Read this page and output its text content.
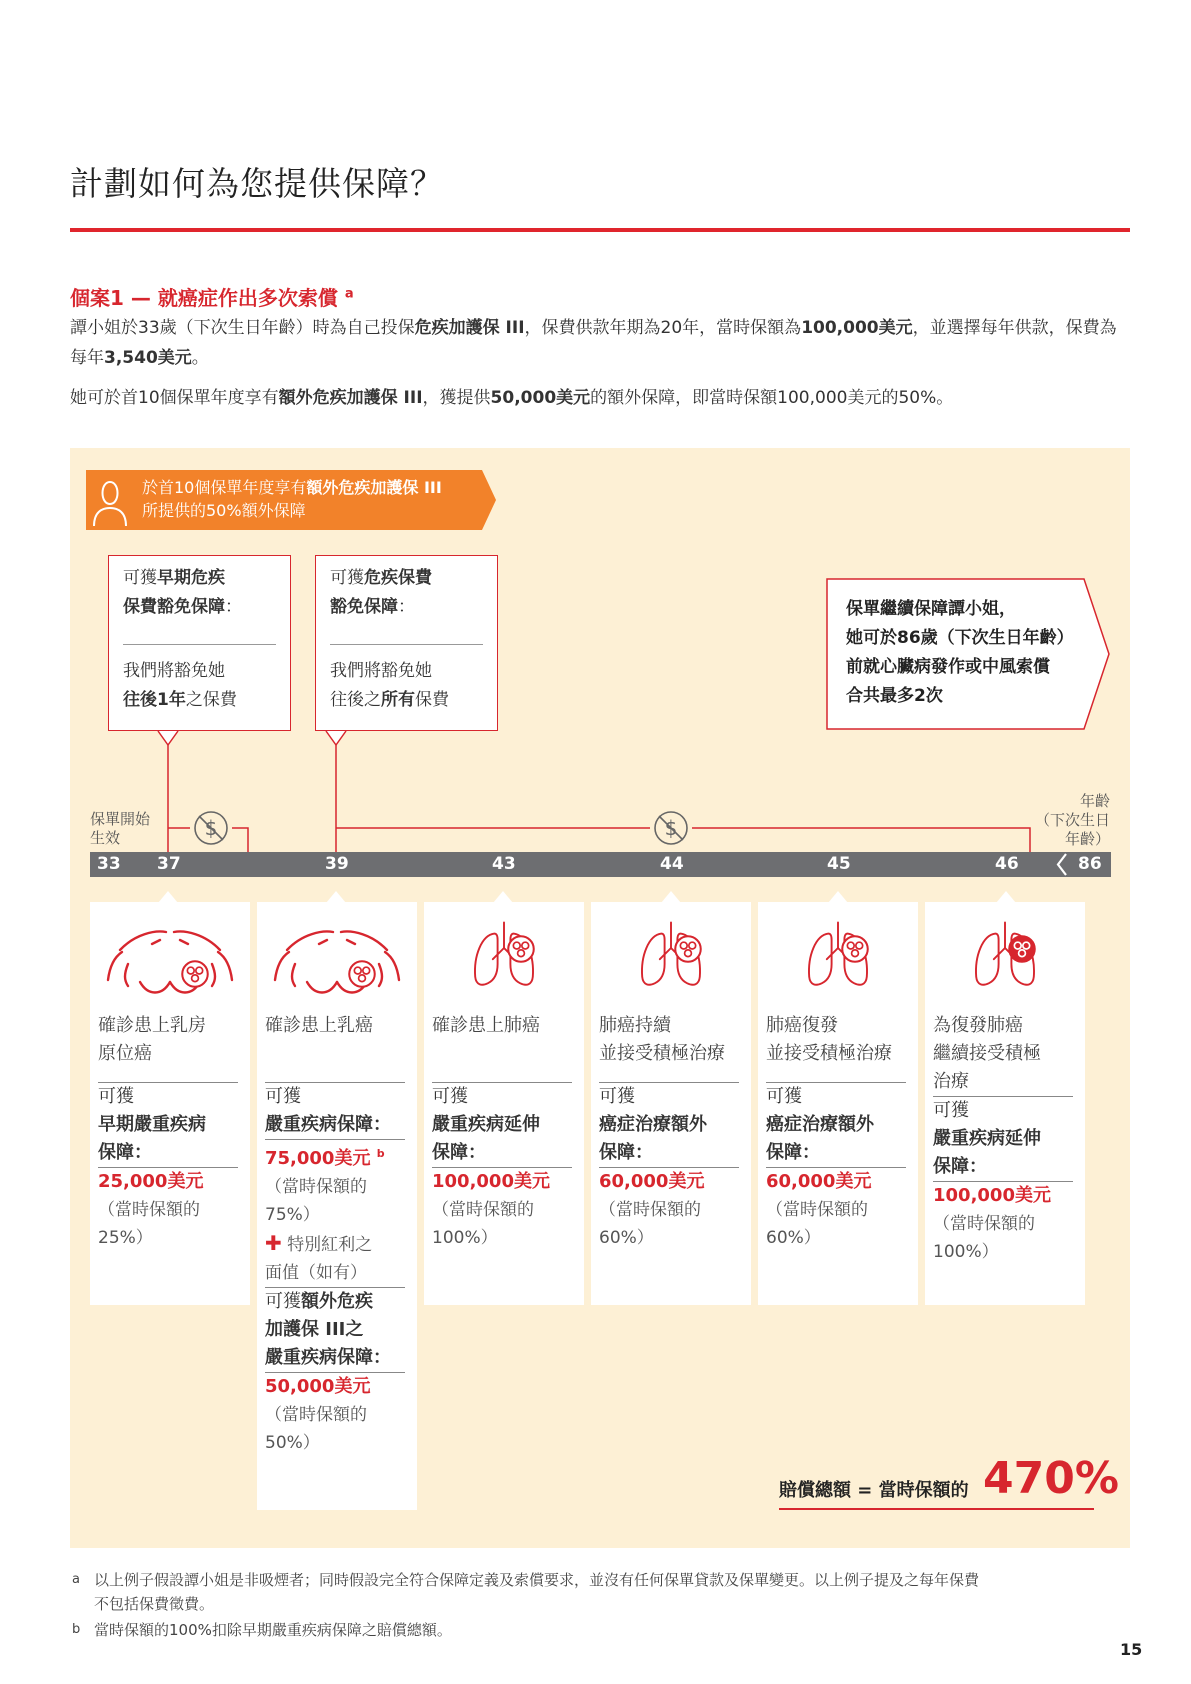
計劃如何為您提供保障？
個案1 — 就癌症作出多次索償 $^a$
譚小姐於33歲（下次生日年齡）時為自己投保危疾加護保 III，保費供款年期為20年，當時保額為100,000美元，並選擇每年供款，保費為每年3,540美元。
她可於首10個保單年度享有額外危疾加護保 III，獲提供50,000美元的額外保障，即當時保額100,000美元的50%。
於首10個保單年度享有額外危疾加護保 III
所提供的50%額外保障
可獲早期危疾
保費豁免保障：
我們將豁免她
往後1年之保費
可獲危疾保費
豁免保障：
我們將豁免她
往後之所有保費
保單繼續保障譚小姐，
她可於86歲（下次生日年齡）
前就心臟病發作或中風索償
合共最多2次
$	$
保單開始
生效
年齡
（下次生日
年齡）
33 37	39	43	44	45	46	86
確診患上乳房
原位癌
可獲
早期嚴重疾病
保障：
25,000美元
（當時保額的
25%）
確診患上乳癌
可獲
嚴重疾病保障：
75,000美元 $^b$
（當時保額的
75%）
✚ 特別紅利之
面值（如有）
可獲額外危疾
加護保 III之
嚴重疾病保障：
50,000美元
（當時保額的
50%）
確診患上肺癌
可獲
嚴重疾病延伸
保障：
100,000美元
（當時保額的
100%）
肺癌持續
並接受積極治療
可獲
癌症治療額外
保障：
60,000美元
（當時保額的
60%）
肺癌復發
並接受積極治療
可獲
癌症治療額外
保障：
60,000美元
（當時保額的
60%）
為復發肺癌
繼續接受積極
治療
可獲
嚴重疾病延伸
保障：
100,000美元
（當時保額的
100%）
賠償總額 = 當時保額的 470%
a 以上例子假設譚小姐是非吸煙者；同時假設完全符合保障定義及索償要求，並沒有任何保單貸款及保單變更。以上例子提及之每年保費
不包括保費徵費。
b 當時保額的100%扣除早期嚴重疾病保障之賠償總額。
15
